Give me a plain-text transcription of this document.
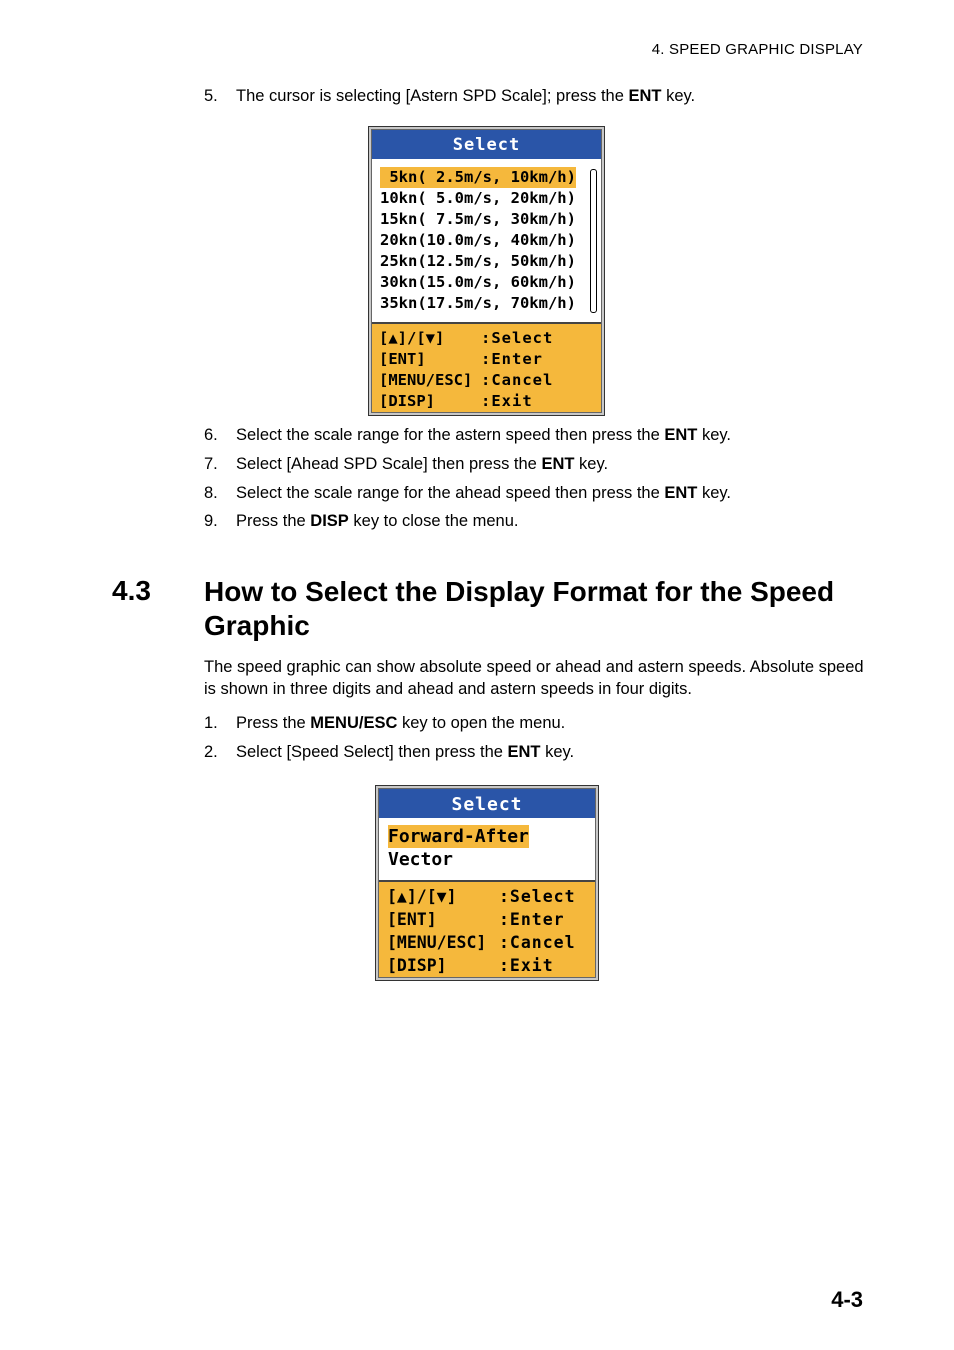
4. SPEED GRAPHIC DISPLAY
5.	The cursor is selecting [Astern SPD Scale]; press the ENT key.
Select
5kn( 2.5m/s, 10km/h)
10kn( 5.0m/s, 20km/h)
15kn( 7.5m/s, 30km/h)
20kn(10.0m/s, 40km/h)
25kn(12.5m/s, 50km/h)
30kn(15.0m/s, 60km/h)
35kn(17.5m/s, 70km/h)
[▲]/[▼]	:Select
[ENT]	:Enter
[MENU/ESC] :Cancel
[DISP]	:Exit
6.	Select the scale range for the astern speed then press the ENT key.
7.	Select [Ahead SPD Scale] then press the ENT key.
8.	Select the scale range for the ahead speed then press the ENT key.
9.	Press the DISP key to close the menu.
4.3 How to Select the Display Format for the Speed Graphic
The speed graphic can show absolute speed or ahead and astern speeds. Absolute speed is shown in three digits and ahead and astern speeds in four digits.
1.	Press the MENU/ESC key to open the menu.
2.	Select [Speed Select] then press the ENT key.
Select
Forward-After
Vector
[▲]/[▼]	:Select
[ENT]	:Enter
[MENU/ESC] :Cancel
[DISP]	:Exit
4-3
